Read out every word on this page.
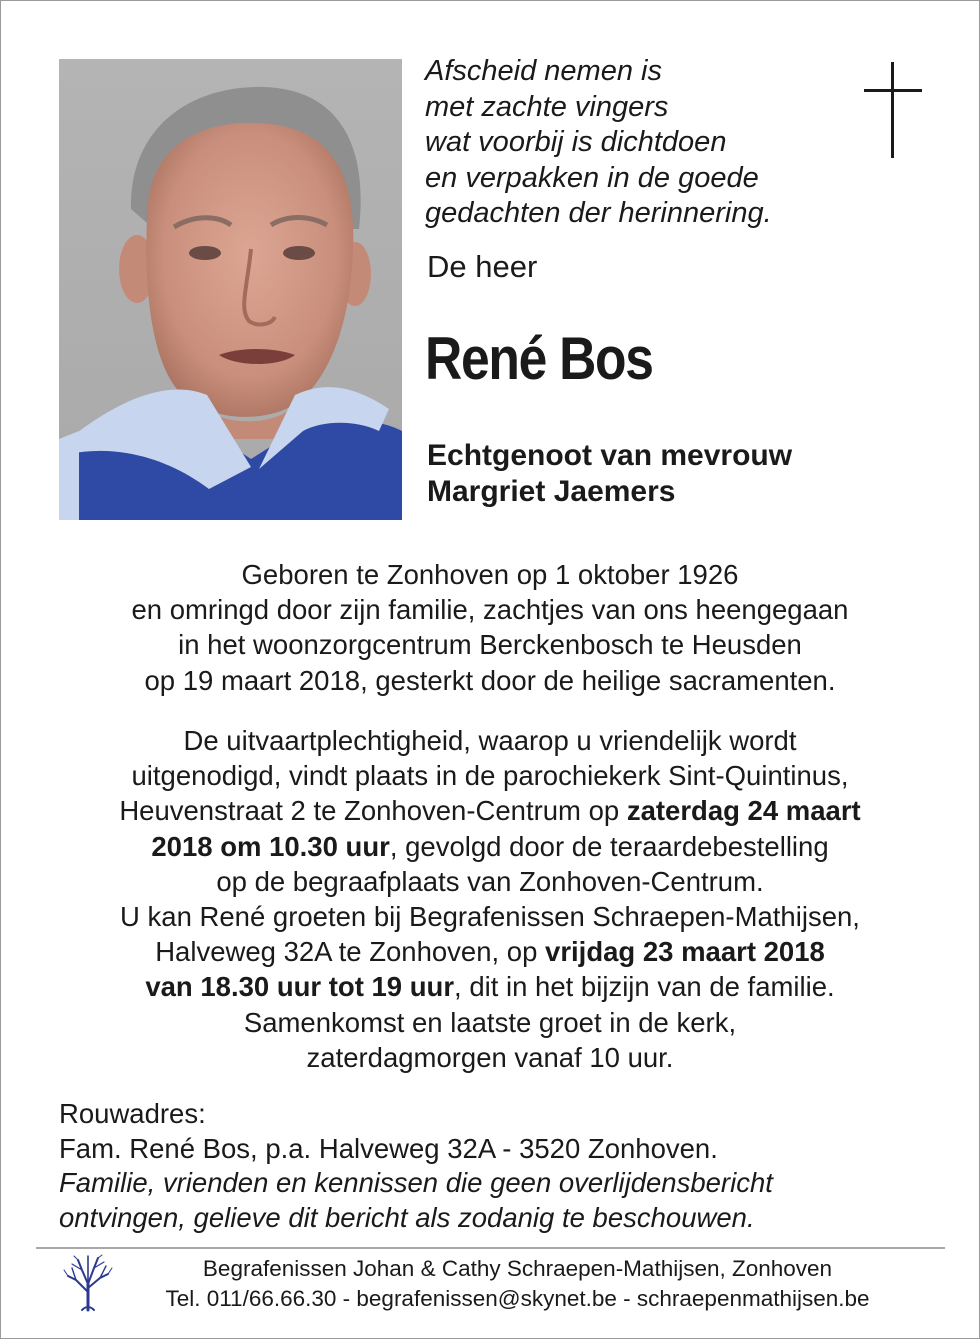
Afscheid nemen is
met zachte vingers
wat voorbij is dichtdoen
en verpakken in de goede
gedachten der herinnering.
De heer
René Bos
Echtgenoot van mevrouw
Margriet Jaemers
Geboren te Zonhoven op 1 oktober 1926
en omringd door zijn familie, zachtjes van ons heengegaan
in het woonzorgcentrum Berckenbosch te Heusden
op 19 maart 2018, gesterkt door de heilige sacramenten.
De uitvaartplechtigheid, waarop u vriendelijk wordt
uitgenodigd, vindt plaats in de parochiekerk Sint-Quintinus,
Heuvenstraat 2 te Zonhoven-Centrum op zaterdag 24 maart
2018 om 10.30 uur, gevolgd door de teraardebestelling
op de begraafplaats van Zonhoven-Centrum.
U kan René groeten bij Begrafenissen Schraepen-Mathijsen,
Halveweg 32A te Zonhoven, op vrijdag 23 maart 2018
van 18.30 uur tot 19 uur, dit in het bijzijn van de familie.
Samenkomst en laatste groet in de kerk,
zaterdagmorgen vanaf 10 uur.
Rouwadres:
Fam. René Bos, p.a. Halveweg 32A - 3520 Zonhoven.
Familie, vrienden en kennissen die geen overlijdensbericht
ontvingen, gelieve dit bericht als zodanig te beschouwen.
Begrafenissen Johan & Cathy Schraepen-Mathijsen, Zonhoven
Tel. 011/66.66.30 - begrafenissen@skynet.be - schraepenmathijsen.be
